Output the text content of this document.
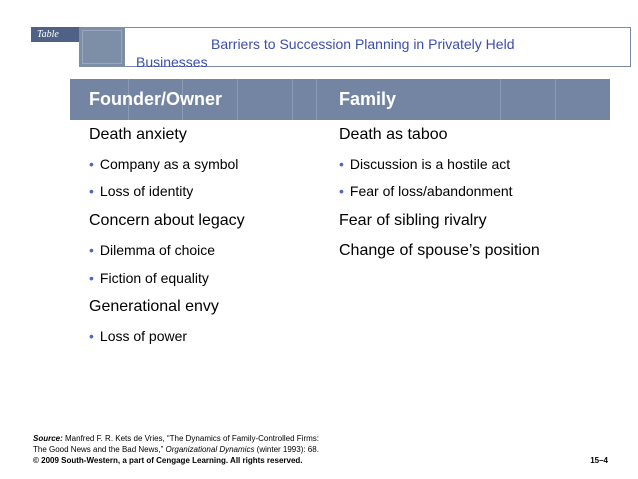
Table
Barriers to Succession Planning in Privately Held
Businesses
Founder/Owner	Family
Death anxiety
• Company as a symbol
• Loss of identity
Concern about legacy
• Dilemma of choice
• Fiction of equality
Generational envy
• Loss of power
Death as taboo
• Discussion is a hostile act
• Fear of loss/abandonment
Fear of sibling rivalry
Change of spouse’s position
Source: Manfred F. R. Kets de Vries, “The Dynamics of Family-Controlled Firms:
The Good News and the Bad News,” Organizational Dynamics (winter 1993): 68.
© 2009 South-Western, a part of Cengage Learning. All rights reserved.	15–4
